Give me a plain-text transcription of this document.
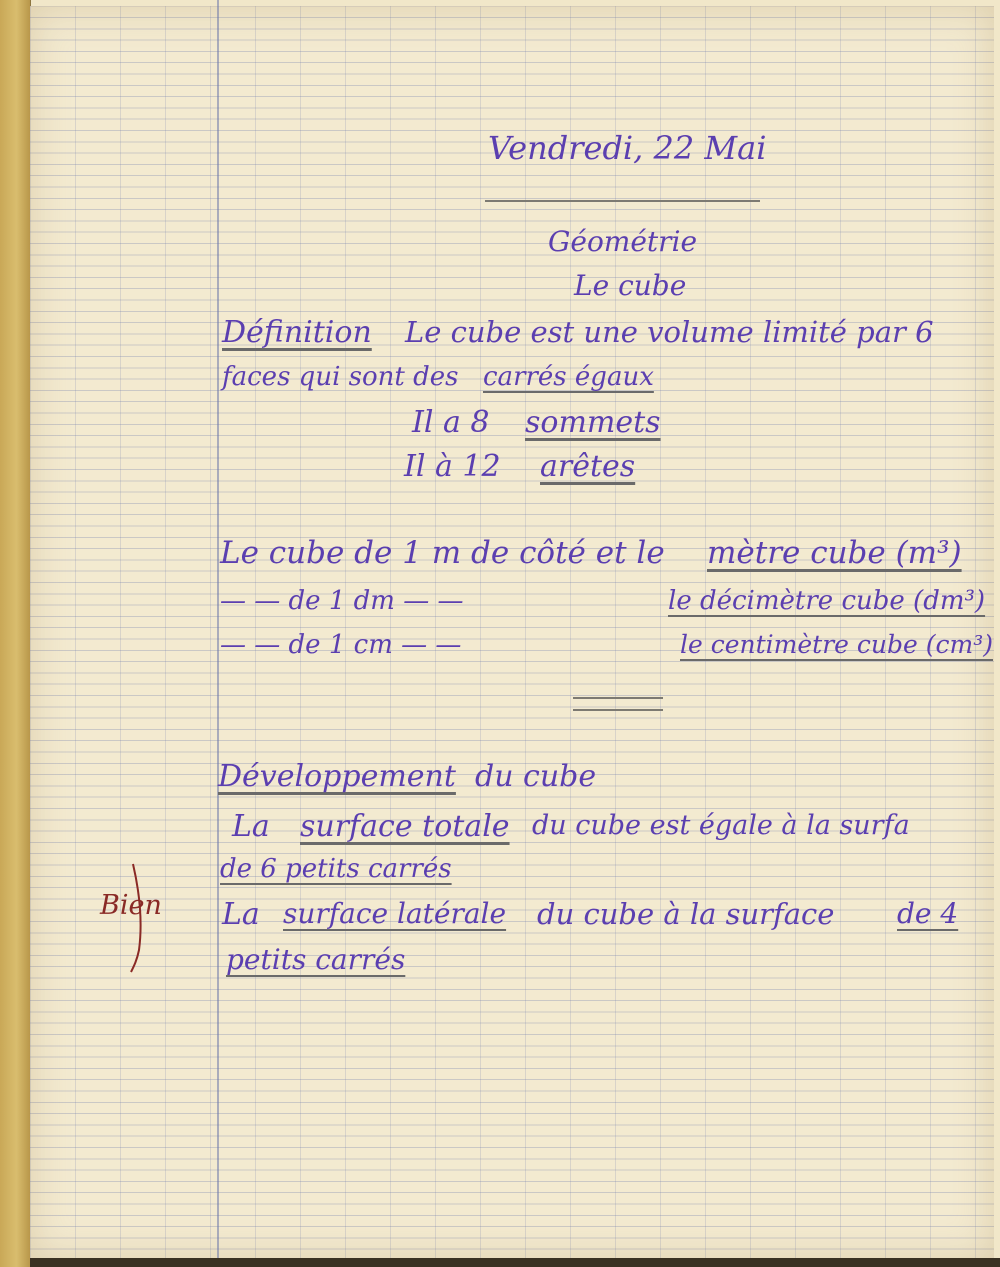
Vendredi, 22 Mai
Géométrie
Le cube
Définition Le cube est une volume limité par 6
faces qui sont des carrés égaux
Il a 8 sommets
Il à 12 arêtes
Le cube de 1 m de côté et le mètre cube (m³)
— — de 1 dm — —	le décimètre cube (dm³)
— — de 1 cm — —	le centimètre cube (cm³)
Développement du cube
La surface totale du cube est égale à la surfa
de 6 petits carrés
La surface latérale du cube à la surface de 4
petits carrés
Bien
